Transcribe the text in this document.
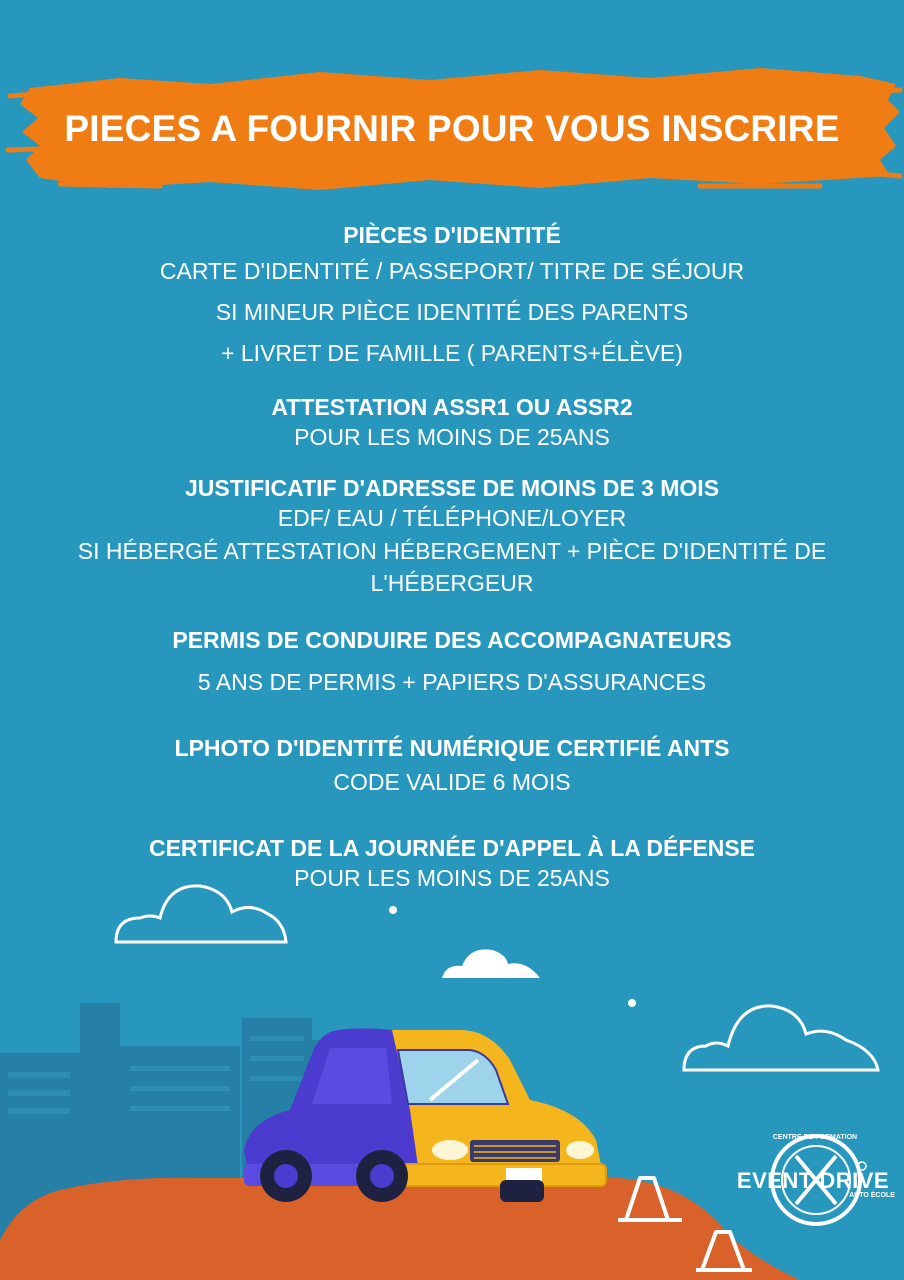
PIECES A FOURNIR POUR VOUS INSCRIRE

PIÈCES D'IDENTITÉ

CARTE D'IDENTITÉ / PASSEPORT/ TITRE DE SÉJOUR

SI MINEUR PIÈCE IDENTITÉ DES PARENTS

+ LIVRET DE FAMILLE ( PARENTS+ÉLÈVE)

ATTESTATION ASSR1 OU ASSR2

POUR LES MOINS DE 25ANS

JUSTIFICATIF D'ADRESSE DE MOINS DE 3 MOIS

EDF/ EAU / TÉLÉPHONE/LOYER

SI HÉBERGÉ ATTESTATION HÉBERGEMENT + PIÈCE D'IDENTITÉ DE

L'HÉBERGEUR

PERMIS DE CONDUIRE DES ACCOMPAGNATEURS

5 ANS DE PERMIS + PAPIERS D'ASSURANCES

LPHOTO D'IDENTITÉ NUMÉRIQUE CERTIFIÉ ANTS

CODE VALIDE 6 MOIS

CERTIFICAT DE LA JOURNÉE D'APPEL À LA DÉFENSE

POUR LES MOINS DE 25ANS

CENTRE DE FORMATION
EVENT DRIVE
AUTO ÉCOLE
